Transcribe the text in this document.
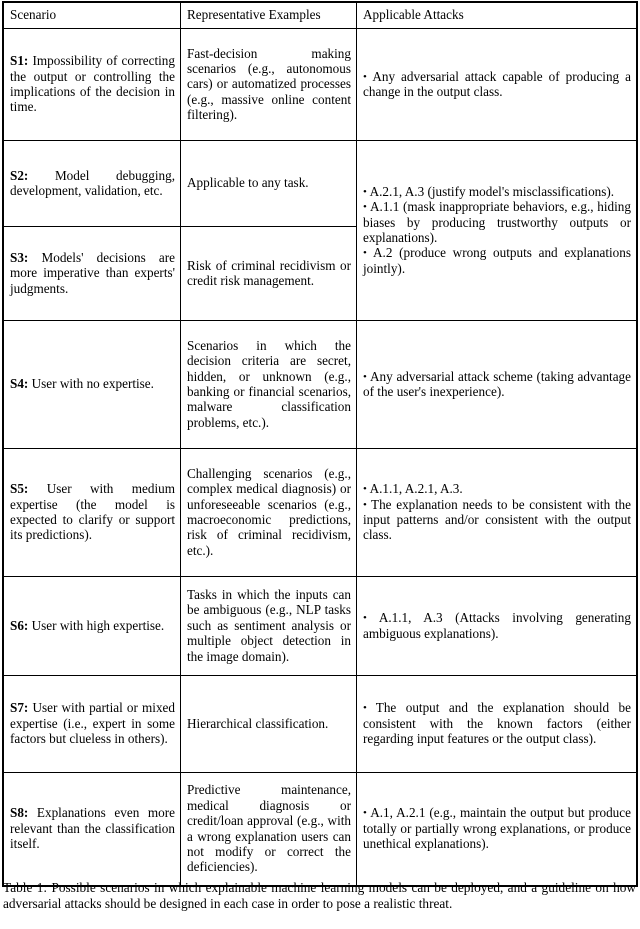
Scenario	Representative Examples	Applicable Attacks
S1: Impossibility of correcting the output or controlling the implications of the decision in time.	Fast-decision making scenarios (e.g., autonomous cars) or automatized processes (e.g., massive online content filtering).	• Any adversarial attack capable of producing a change in the output class.

S2: Model debugging, development, validation, etc.	Applicable to any task.	• A.2.1, A.3 (justify model's misclassifications).
• A.1.1 (mask inappropriate behaviors, e.g., hiding biases by producing trustworthy outputs or explanations).
• A.2 (produce wrong outputs and explanations jointly).

S3: Models' decisions are more imperative than experts' judgments.	Risk of criminal recidivism or credit risk management.	
S4: User with no expertise.	Scenarios in which the decision criteria are secret, hidden, or unknown (e.g., banking or financial scenarios, malware classification problems, etc.).	• Any adversarial attack scheme (taking advantage of the user's inexperience).

S5: User with medium expertise (the model is expected to clarify or support its predictions).	Challenging scenarios (e.g., complex medical diagnosis) or unforeseeable scenarios (e.g., macroeconomic predictions, risk of criminal recidivism, etc.).	• A.1.1, A.2.1, A.3.
• The explanation needs to be consistent with the input patterns and/or consistent with the output class.

S6: User with high expertise.	Tasks in which the inputs can be ambiguous (e.g., NLP tasks such as sentiment analysis or multiple object detection in the image domain).	• A.1.1, A.3 (Attacks involving generating ambiguous explanations).

S7: User with partial or mixed expertise (i.e., expert in some factors but clueless in others).	Hierarchical classification.	• The output and the explanation should be consistent with the known factors (either regarding input features or the output class).

S8: Explanations even more relevant than the classification itself.	Predictive maintenance, medical diagnosis or credit/loan approval (e.g., with a wrong explanation users can not modify or correct the deficiencies).	• A.1, A.2.1 (e.g., maintain the output but produce totally or partially wrong explanations, or produce unethical explanations).
Table 1: Possible scenarios in which explainable machine learning models can be deployed, and a guideline on how adversarial attacks should be designed in each case in order to pose a realistic threat.
